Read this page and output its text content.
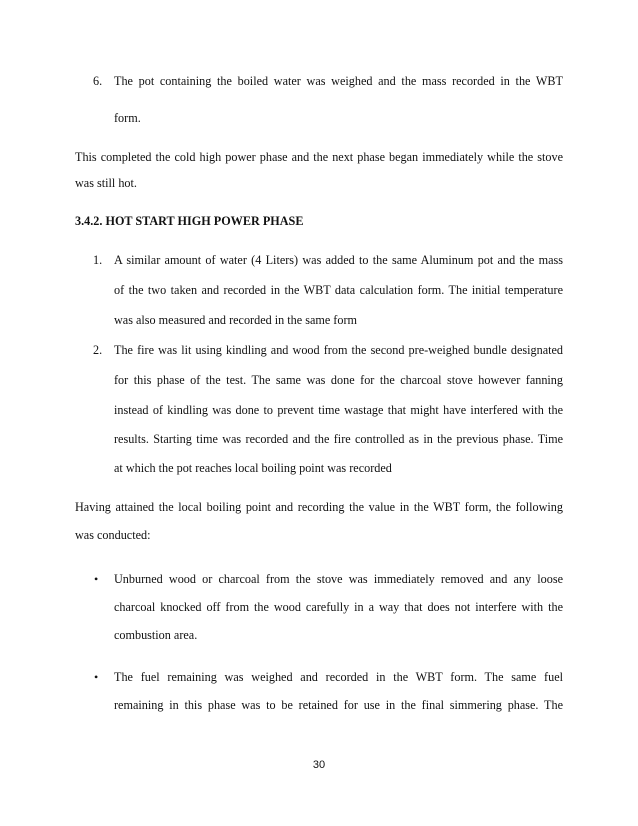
6. The pot containing the boiled water was weighed and the mass recorded in the WBT
form.
This completed the cold high power phase and the next phase began immediately while the stove
was still hot.
3.4.2. HOT START HIGH POWER PHASE
1. A similar amount of water (4 Liters) was added to the same Aluminum pot and the mass
of the two taken and recorded in the WBT data calculation form. The initial temperature
was also measured and recorded in the same form
2. The fire was lit using kindling and wood from the second pre-weighed bundle designated
for this phase of the test. The same was done for the charcoal stove however fanning
instead of kindling was done to prevent time wastage that might have interfered with the
results. Starting time was recorded and the fire controlled as in the previous phase. Time
at which the pot reaches local boiling point was recorded
Having attained the local boiling point and recording the value in the WBT form, the following
was conducted:
• Unburned wood or charcoal from the stove was immediately removed and any loose
charcoal knocked off from the wood carefully in a way that does not interfere with the
combustion area.
• The fuel remaining was weighed and recorded in the WBT form. The same fuel
remaining in this phase was to be retained for use in the final simmering phase. The
30
